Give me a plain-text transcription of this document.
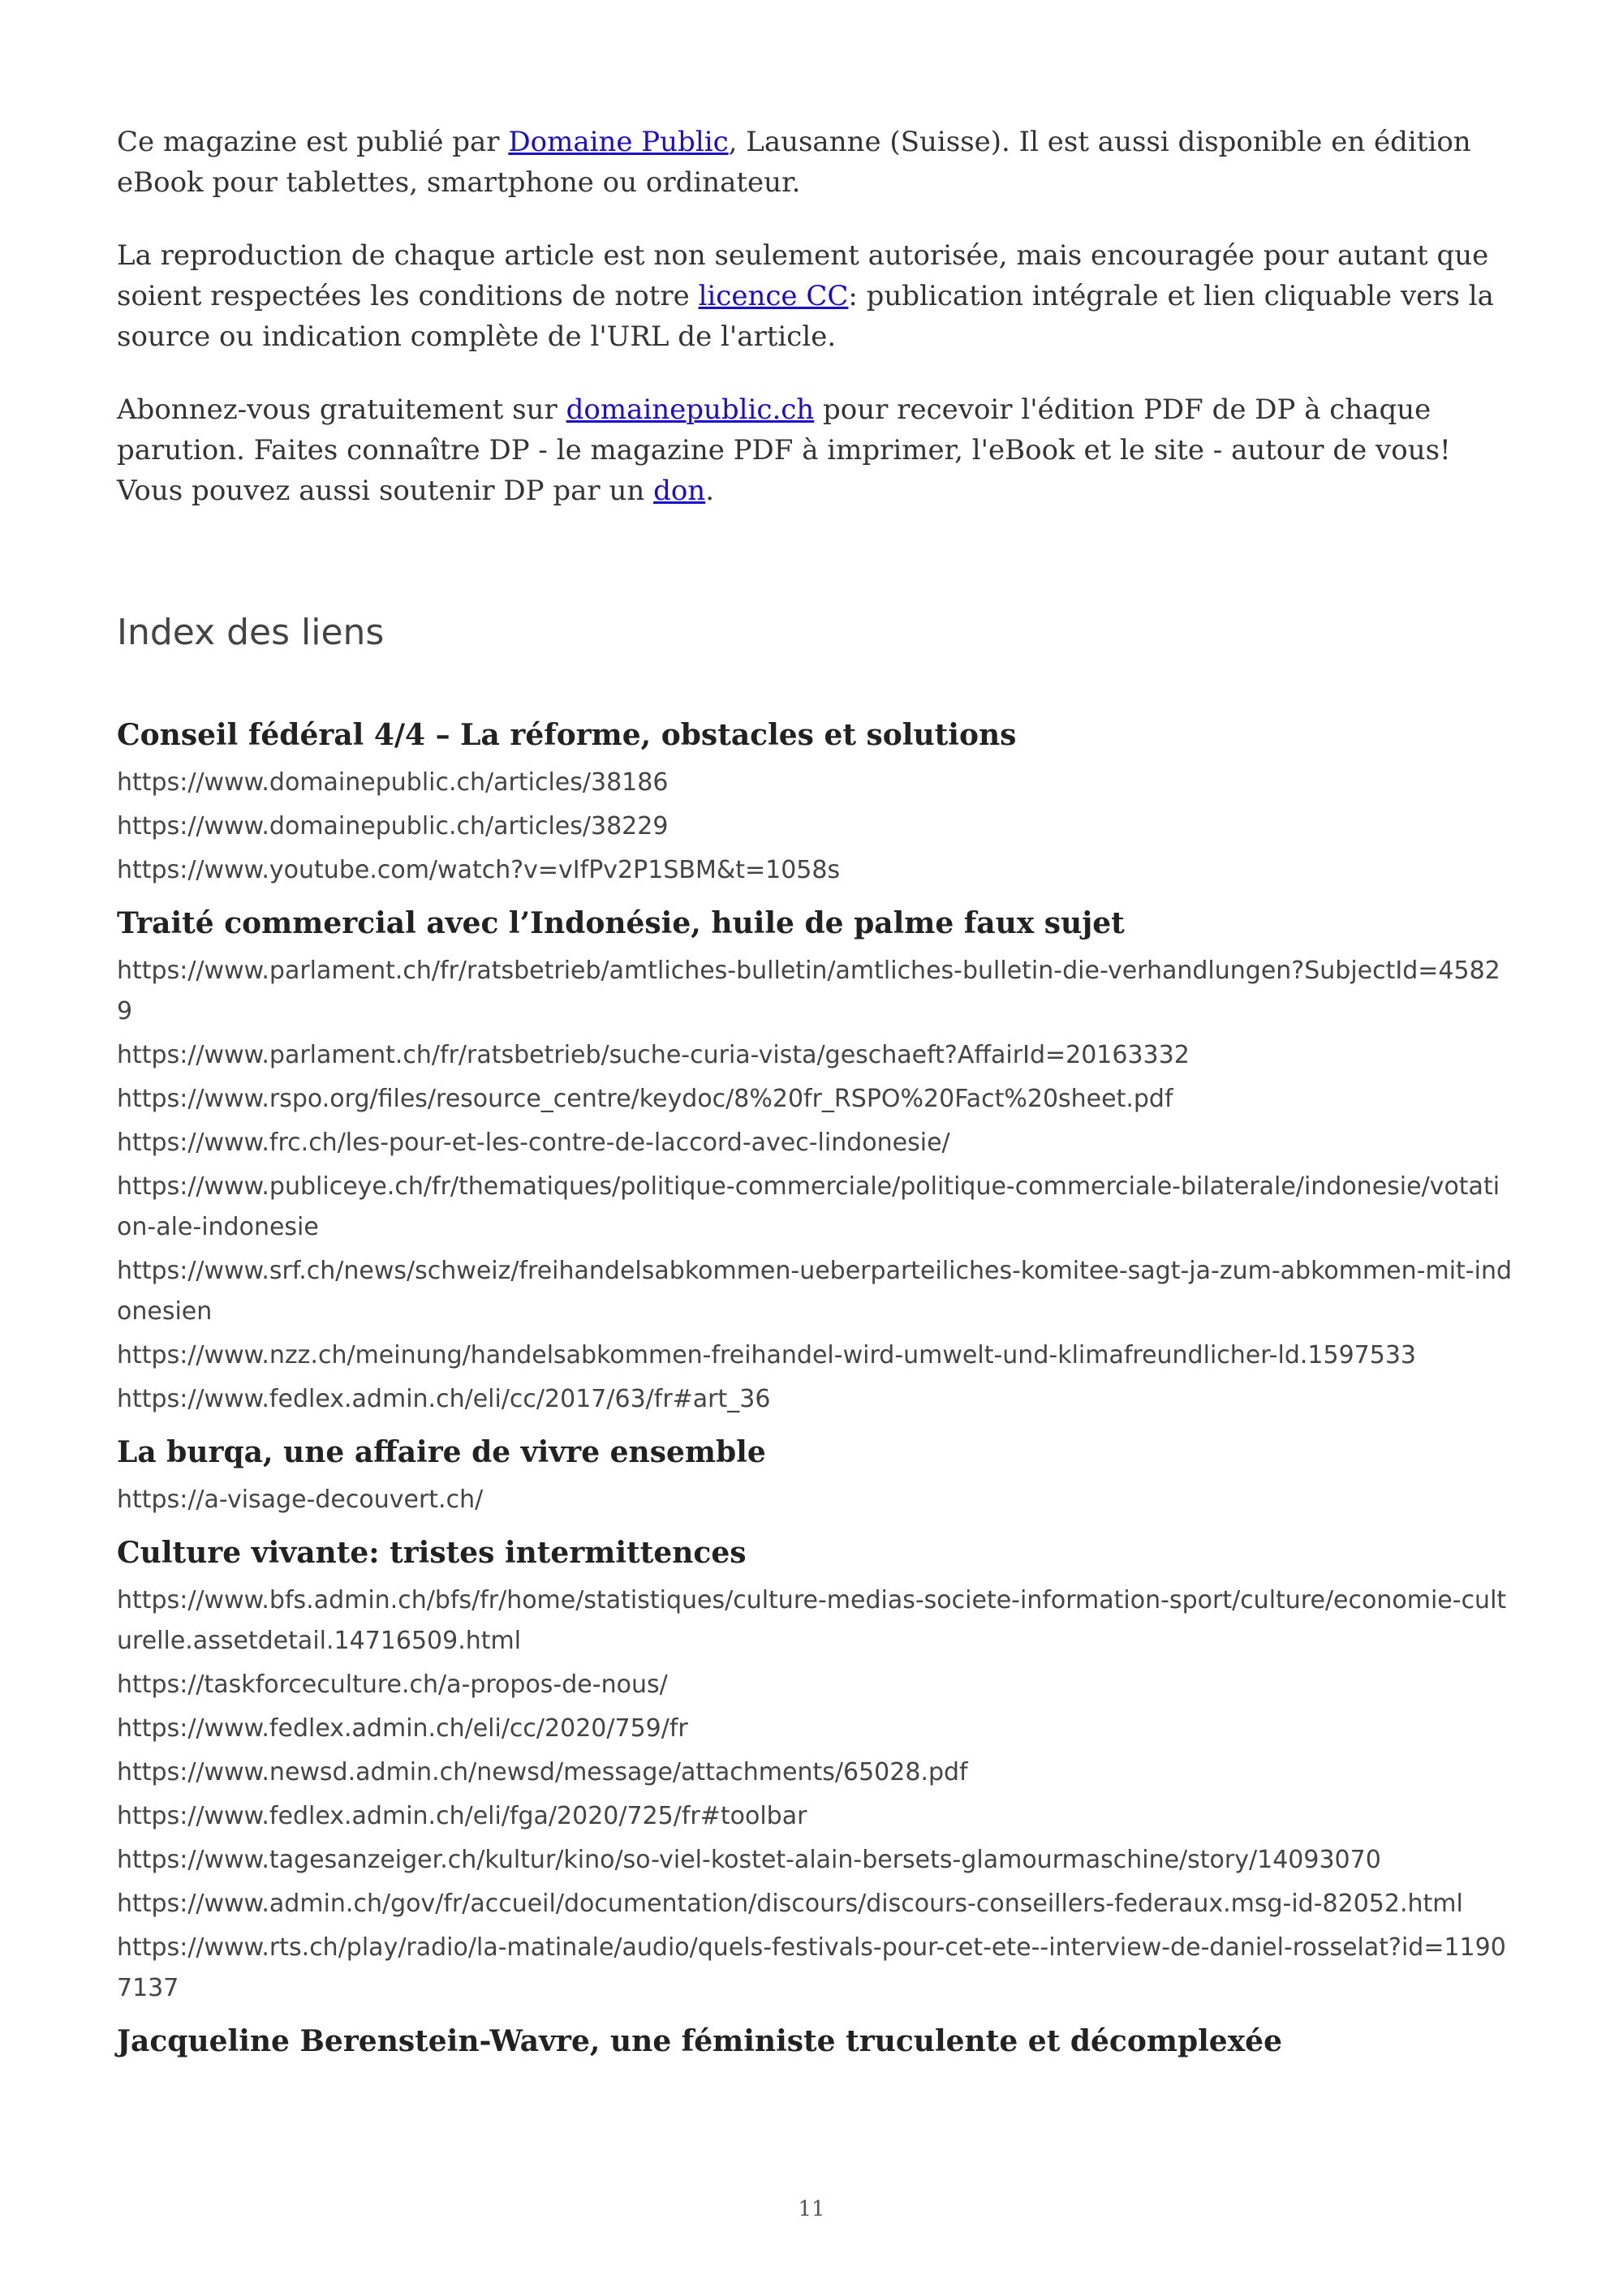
Ce magazine est publié par Domaine Public, Lausanne (Suisse). Il est aussi disponible en édition eBook pour tablettes, smartphone ou ordinateur.

La reproduction de chaque article est non seulement autorisée, mais encouragée pour autant que soient respectées les conditions de notre licence CC: publication intégrale et lien cliquable vers la source ou indication complète de l'URL de l'article.

Abonnez-vous gratuitement sur domainepublic.ch pour recevoir l'édition PDF de DP à chaque parution. Faites connaître DP - le magazine PDF à imprimer, l'eBook et le site - autour de vous! Vous pouvez aussi soutenir DP par un don.

Index des liens
Conseil fédéral 4/4 – La réforme, obstacles et solutions
https://www.domainepublic.ch/articles/38186
https://www.domainepublic.ch/articles/38229
https://www.youtube.com/watch?v=vIfPv2P1SBM&t=1058s
Traité commercial avec l’Indonésie, huile de palme faux sujet
https://www.parlament.ch/fr/ratsbetrieb/amtliches-bulletin/amtliches-bulletin-die-verhandlungen?SubjectId=45829
https://www.parlament.ch/fr/ratsbetrieb/suche-curia-vista/geschaeft?AffairId=20163332
https://www.rspo.org/files/resource_centre/keydoc/8%20fr_RSPO%20Fact%20sheet.pdf
https://www.frc.ch/les-pour-et-les-contre-de-laccord-avec-lindonesie/
https://www.publiceye.ch/fr/thematiques/politique-commerciale/politique-commerciale-bilaterale/indonesie/votation-ale-indonesie
https://www.srf.ch/news/schweiz/freihandelsabkommen-ueberparteiliches-komitee-sagt-ja-zum-abkommen-mit-indonesien
https://www.nzz.ch/meinung/handelsabkommen-freihandel-wird-umwelt-und-klimafreundlicher-ld.1597533
https://www.fedlex.admin.ch/eli/cc/2017/63/fr#art_36
La burqa, une affaire de vivre ensemble
https://a-visage-decouvert.ch/
Culture vivante: tristes intermittences
https://www.bfs.admin.ch/bfs/fr/home/statistiques/culture-medias-societe-information-sport/culture/economie-culturelle.assetdetail.14716509.html
https://taskforceculture.ch/a-propos-de-nous/
https://www.fedlex.admin.ch/eli/cc/2020/759/fr
https://www.newsd.admin.ch/newsd/message/attachments/65028.pdf
https://www.fedlex.admin.ch/eli/fga/2020/725/fr#toolbar
https://www.tagesanzeiger.ch/kultur/kino/so-viel-kostet-alain-bersets-glamourmaschine/story/14093070
https://www.admin.ch/gov/fr/accueil/documentation/discours/discours-conseillers-federaux.msg-id-82052.html
https://www.rts.ch/play/radio/la-matinale/audio/quels-festivals-pour-cet-ete--interview-de-daniel-rosselat?id=11907137
Jacqueline Berenstein-Wavre, une féministe truculente et décomplexée
11
